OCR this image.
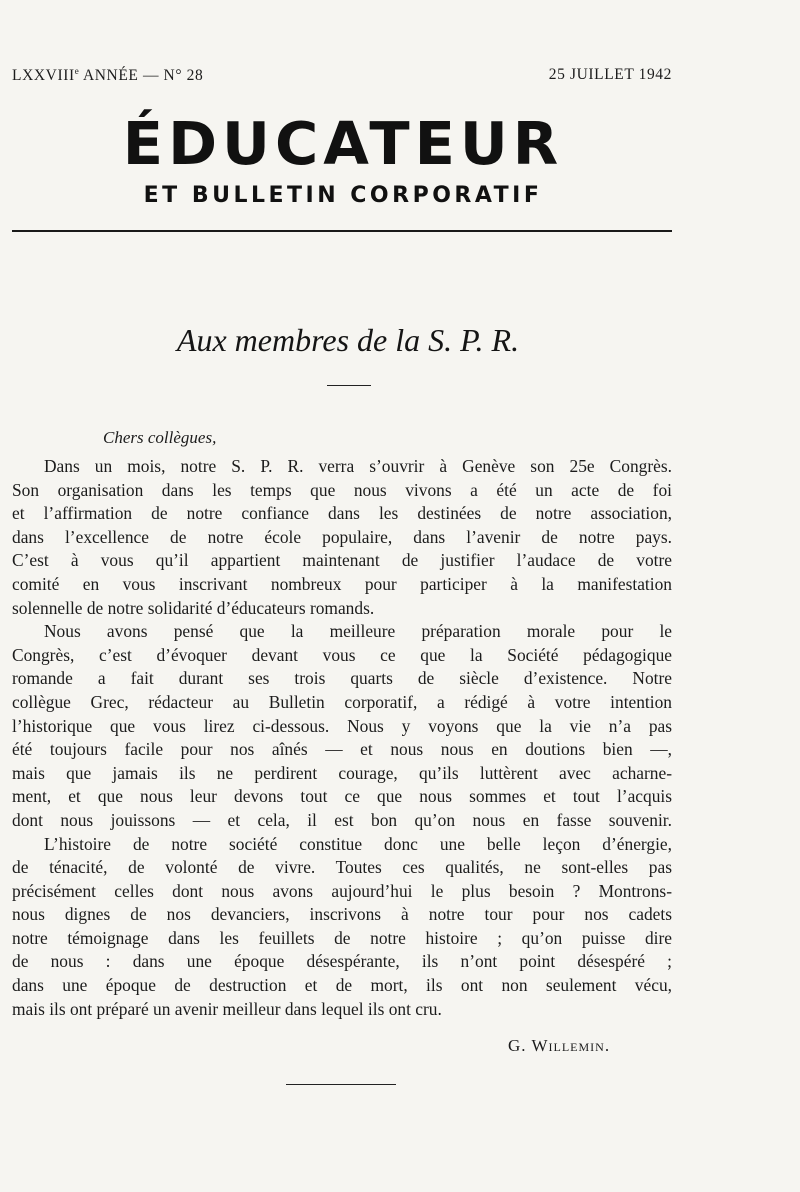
LXXVIIIe ANNÉE — N° 28	25 JUILLET 1942
ÉDUCATEUR
ET BULLETIN CORPORATIF
Aux membres de la S. P. R.
Chers collègues,
Dans un mois, notre S. P. R. verra s’ouvrir à Genève son 25e Congrès.
Son organisation dans les temps que nous vivons a été un acte de foi
et l’affirmation de notre confiance dans les destinées de notre association,
dans l’excellence de notre école populaire, dans l’avenir de notre pays.
C’est à vous qu’il appartient maintenant de justifier l’audace de votre
comité en vous inscrivant nombreux pour participer à la manifestation
solennelle de notre solidarité d’éducateurs romands.
Nous avons pensé que la meilleure préparation morale pour le
Congrès, c’est d’évoquer devant vous ce que la Société pédagogique
romande a fait durant ses trois quarts de siècle d’existence. Notre
collègue Grec, rédacteur au Bulletin corporatif, a rédigé à votre intention
l’historique que vous lirez ci-dessous. Nous y voyons que la vie n’a pas
été toujours facile pour nos aînés — et nous nous en doutions bien —,
mais que jamais ils ne perdirent courage, qu’ils luttèrent avec acharne-
ment, et que nous leur devons tout ce que nous sommes et tout l’acquis
dont nous jouissons — et cela, il est bon qu’on nous en fasse souvenir.
L’histoire de notre société constitue donc une belle leçon d’énergie,
de ténacité, de volonté de vivre. Toutes ces qualités, ne sont-elles pas
précisément celles dont nous avons aujourd’hui le plus besoin ? Montrons-
nous dignes de nos devanciers, inscrivons à notre tour pour nos cadets
notre témoignage dans les feuillets de notre histoire ; qu’on puisse dire
de nous : dans une époque désespérante, ils n’ont point désespéré ;
dans une époque de destruction et de mort, ils ont non seulement vécu,
mais ils ont préparé un avenir meilleur dans lequel ils ont cru.
G. Willemin.
